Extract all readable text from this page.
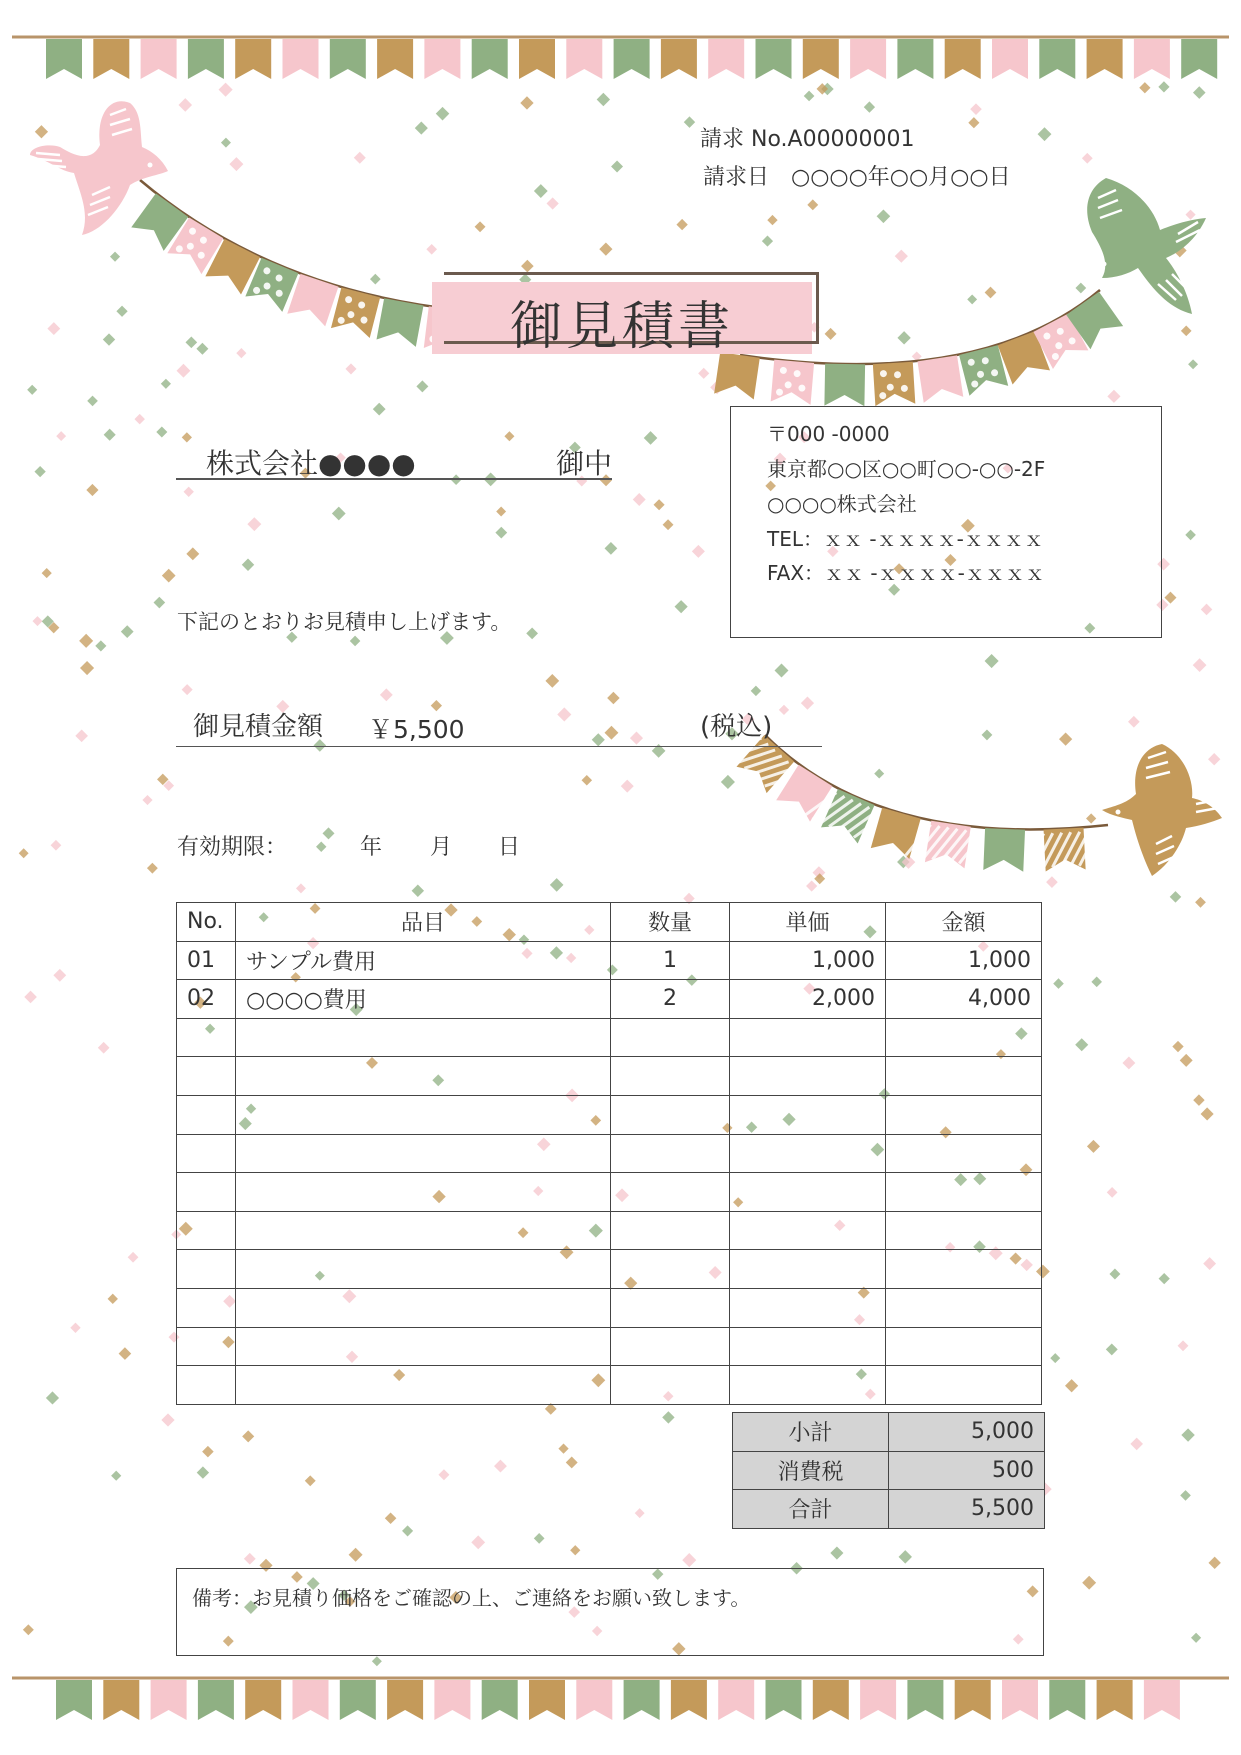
請求 No.A00000001
請求日　○○○○年○○月○○日
御見積書
株式会社●●●●	御中
〒000 -0000
東京都○○区○○町○○-○○-2F
○○○○株式会社
TEL：ｘｘ -ｘｘｘｘ-ｘｘｘｘ
FAX：ｘｘ -ｘｘｘｘ-ｘｘｘｘ
下記のとおりお見積申し上げます。
御見積金額 ￥5,500	(税込)
有効期限：	年 月 日
No.	品目	数量	単価	金額
01	サンプル費用	1	1,000	1,000
02	○○○○費用	2	2,000	4,000

小計	5,000
消費税	500
合計	5,500
備考：お見積り価格をご確認の上、ご連絡をお願い致します。
